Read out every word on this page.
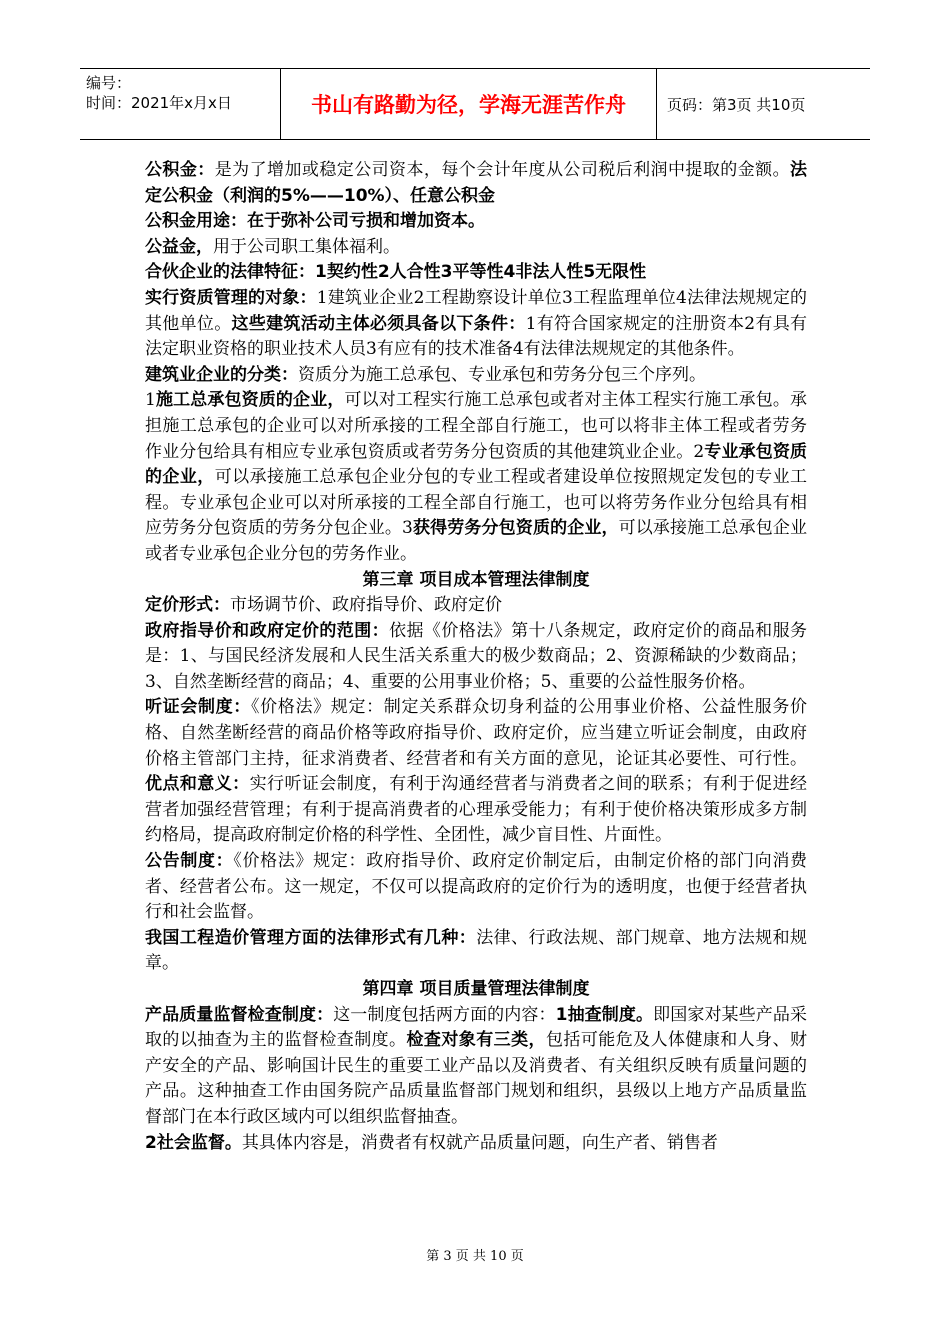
编号：
时间：2021年x月x日	书山有路勤为径，学海无涯苦作舟	页码：第3页 共10页

公积金：是为了增加或稳定公司资本，每个会计年度从公司税后利润中提取的金额。法定公积金（利润的5%——10%）、任意公积金

公积金用途：在于弥补公司亏损和增加资本。

公益金，用于公司职工集体福利。

合伙企业的法律特征：1契约性2人合性3平等性4非法人性5无限性

实行资质管理的对象：1建筑业企业2工程勘察设计单位3工程监理单位4法律法规规定的其他单位。这些建筑活动主体必须具备以下条件：1有符合国家规定的注册资本2有具有法定职业资格的职业技术人员3有应有的技术准备4有法律法规规定的其他条件。

建筑业企业的分类：资质分为施工总承包、专业承包和劳务分包三个序列。

1施工总承包资质的企业，可以对工程实行施工总承包或者对主体工程实行施工承包。承担施工总承包的企业可以对所承接的工程全部自行施工，也可以将非主体工程或者劳务作业分包给具有相应专业承包资质或者劳务分包资质的其他建筑业企业。2专业承包资质的企业，可以承接施工总承包企业分包的专业工程或者建设单位按照规定发包的专业工程。专业承包企业可以对所承接的工程全部自行施工，也可以将劳务作业分包给具有相应劳务分包资质的劳务分包企业。3获得劳务分包资质的企业，可以承接施工总承包企业或者专业承包企业分包的劳务作业。

第三章 项目成本管理法律制度

定价形式：市场调节价、政府指导价、政府定价

政府指导价和政府定价的范围：依据《价格法》第十八条规定，政府定价的商品和服务是：1、与国民经济发展和人民生活关系重大的极少数商品；2、资源稀缺的少数商品；3、自然垄断经营的商品；4、重要的公用事业价格；5、重要的公益性服务价格。

听证会制度：《价格法》规定：制定关系群众切身利益的公用事业价格、公益性服务价格、自然垄断经营的商品价格等政府指导价、政府定价，应当建立听证会制度，由政府价格主管部门主持，征求消费者、经营者和有关方面的意见，论证其必要性、可行性。优点和意义：实行听证会制度，有利于沟通经营者与消费者之间的联系；有利于促进经营者加强经营管理；有利于提高消费者的心理承受能力；有利于使价格决策形成多方制约格局，提高政府制定价格的科学性、全团性，减少盲目性、片面性。

公告制度：《价格法》规定：政府指导价、政府定价制定后，由制定价格的部门向消费者、经营者公布。这一规定，不仅可以提高政府的定价行为的透明度，也便于经营者执行和社会监督。

我国工程造价管理方面的法律形式有几种：法律、行政法规、部门规章、地方法规和规章。

第四章 项目质量管理法律制度

产品质量监督检查制度：这一制度包括两方面的内容：1抽查制度。即国家对某些产品采取的以抽查为主的监督检查制度。检查对象有三类，包括可能危及人体健康和人身、财产安全的产品、影响国计民生的重要工业产品以及消费者、有关组织反映有质量问题的产品。这种抽查工作由国务院产品质量监督部门规划和组织，县级以上地方产品质量监督部门在本行政区域内可以组织监督抽查。

2社会监督。其具体内容是，消费者有权就产品质量问题，向生产者、销售者

第 3 页 共 10 页
